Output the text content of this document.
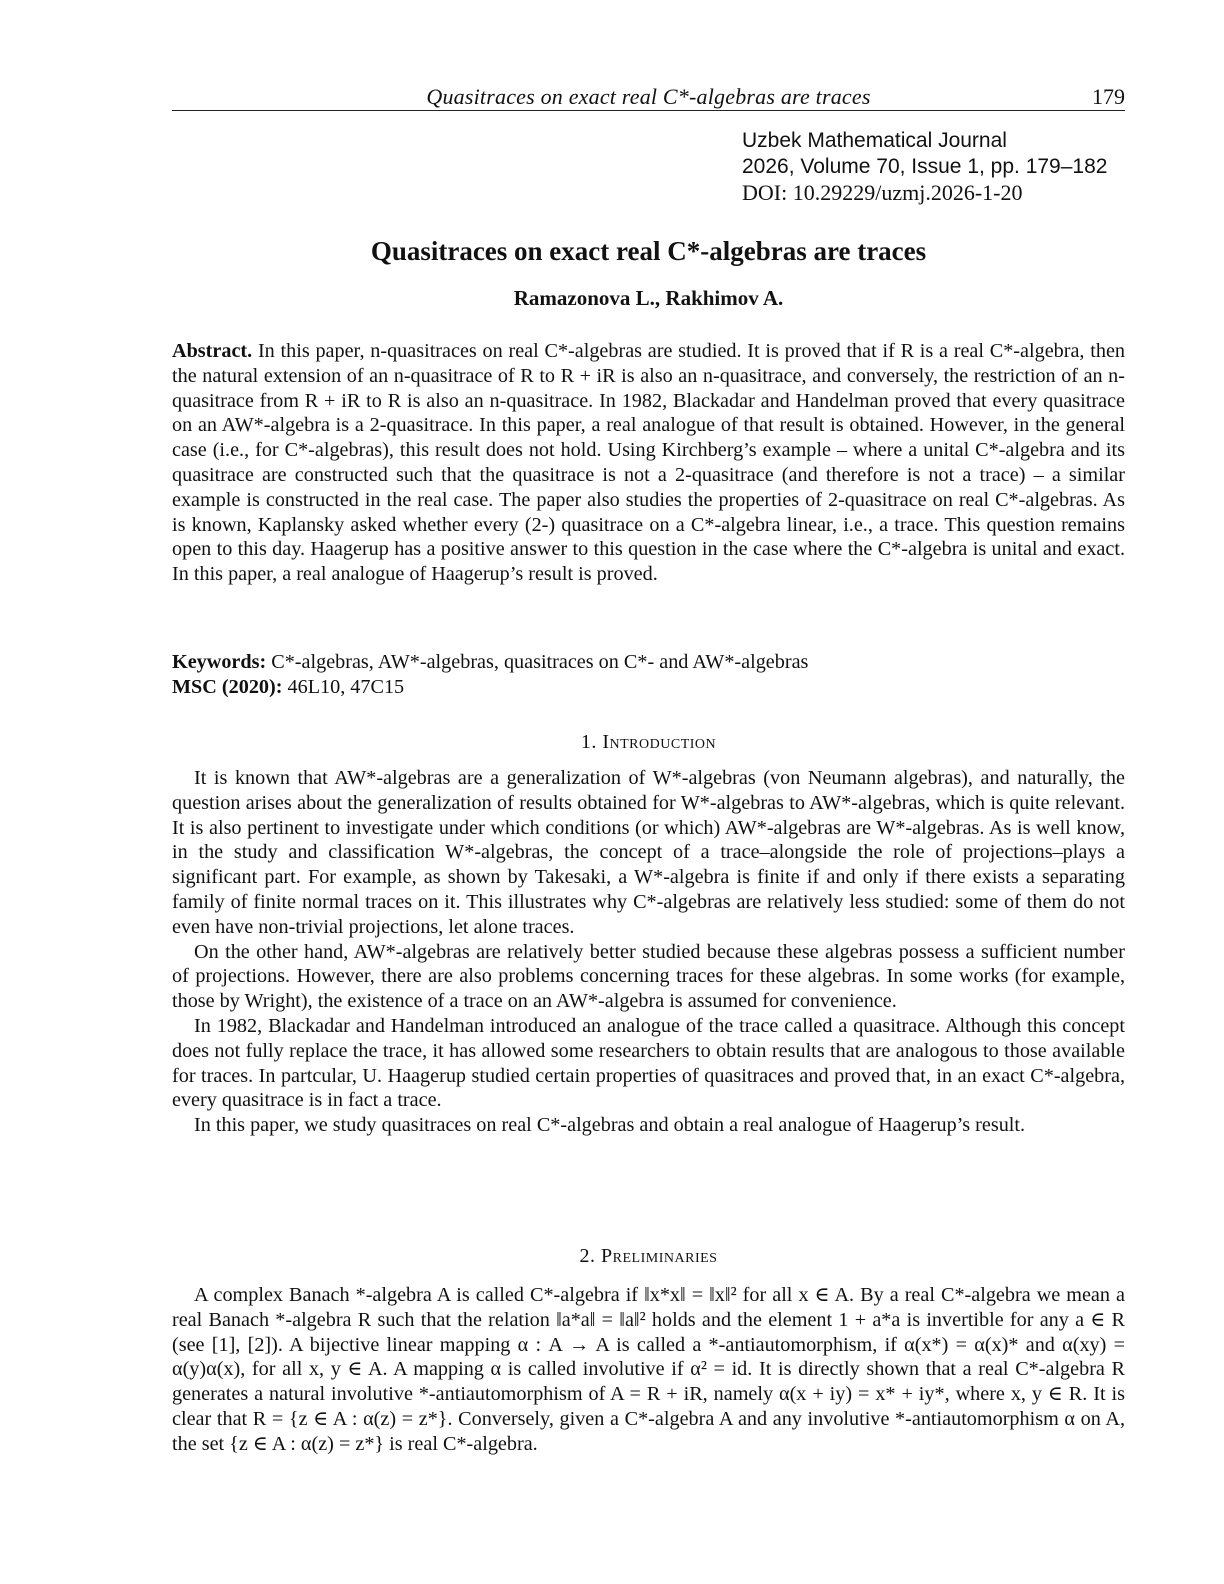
Quasitraces on exact real C*-algebras are traces	179
Uzbek Mathematical Journal
2026, Volume 70, Issue 1, pp. 179–182
DOI: 10.29229/uzmj.2026-1-20
Quasitraces on exact real C*-algebras are traces
Ramazonova L., Rakhimov A.

Abstract. In this paper, n-quasitraces on real C*-algebras are studied. It is proved that if R is a real C*-algebra, then the natural extension of an n-quasitrace of R to R + iR is also an n-quasitrace, and conversely, the restriction of an n-quasitrace from R + iR to R is also an n-quasitrace. In 1982, Blackadar and Handelman proved that every quasitrace on an AW*-algebra is a 2-quasitrace. In this paper, a real analogue of that result is obtained. However, in the general case (i.e., for C*-algebras), this result does not hold. Using Kirchberg’s example – where a unital C*-algebra and its quasitrace are constructed such that the quasitrace is not a 2-quasitrace (and therefore is not a trace) – a similar example is constructed in the real case. The paper also studies the properties of 2-quasitrace on real C*-algebras. As is known, Kaplansky asked whether every (2-) quasitrace on a C*-algebra linear, i.e., a trace. This question remains open to this day. Haagerup has a positive answer to this question in the case where the C*-algebra is unital and exact. In this paper, a real analogue of Haagerup’s result is proved.

Keywords: C*-algebras, AW*-algebras, quasitraces on C*- and AW*-algebras
MSC (2020): 46L10, 47C15
1. Introduction

It is known that AW*-algebras are a generalization of W*-algebras (von Neumann algebras), and naturally, the question arises about the generalization of results obtained for W*-algebras to AW*-algebras, which is quite relevant. It is also pertinent to investigate under which conditions (or which) AW*-algebras are W*-algebras. As is well know, in the study and classification W*-algebras, the concept of a trace–alongside the role of projections–plays a significant part. For example, as shown by Takesaki, a W*-algebra is finite if and only if there exists a separating family of finite normal traces on it. This illustrates why C*-algebras are relatively less studied: some of them do not even have non-trivial projections, let alone traces.

On the other hand, AW*-algebras are relatively better studied because these algebras possess a sufficient number of projections. However, there are also problems concerning traces for these algebras. In some works (for example, those by Wright), the existence of a trace on an AW*-algebra is assumed for convenience.

In 1982, Blackadar and Handelman introduced an analogue of the trace called a quasitrace. Although this concept does not fully replace the trace, it has allowed some researchers to obtain results that are analogous to those available for traces. In partcular, U. Haagerup studied certain properties of quasitraces and proved that, in an exact C*-algebra, every quasitrace is in fact a trace.

In this paper, we study quasitraces on real C*-algebras and obtain a real analogue of Haagerup’s result.

2. Preliminaries

A complex Banach *-algebra A is called C*-algebra if ‖x*x‖ = ‖x‖² for all x ∈ A. By a real C*-algebra we mean a real Banach *-algebra R such that the relation ‖a*a‖ = ‖a‖² holds and the element 1 + a*a is invertible for any a ∈ R (see [1], [2]). A bijective linear mapping α : A → A is called a *-antiautomorphism, if α(x*) = α(x)* and α(xy) = α(y)α(x), for all x, y ∈ A. A mapping α is called involutive if α² = id. It is directly shown that a real C*-algebra R generates a natural involutive *-antiautomorphism of A = R + iR, namely α(x + iy) = x* + iy*, where x, y ∈ R. It is clear that R = {z ∈ A : α(z) = z*}. Conversely, given a C*-algebra A and any involutive *-antiautomorphism α on A, the set {z ∈ A : α(z) = z*} is real C*-algebra.
